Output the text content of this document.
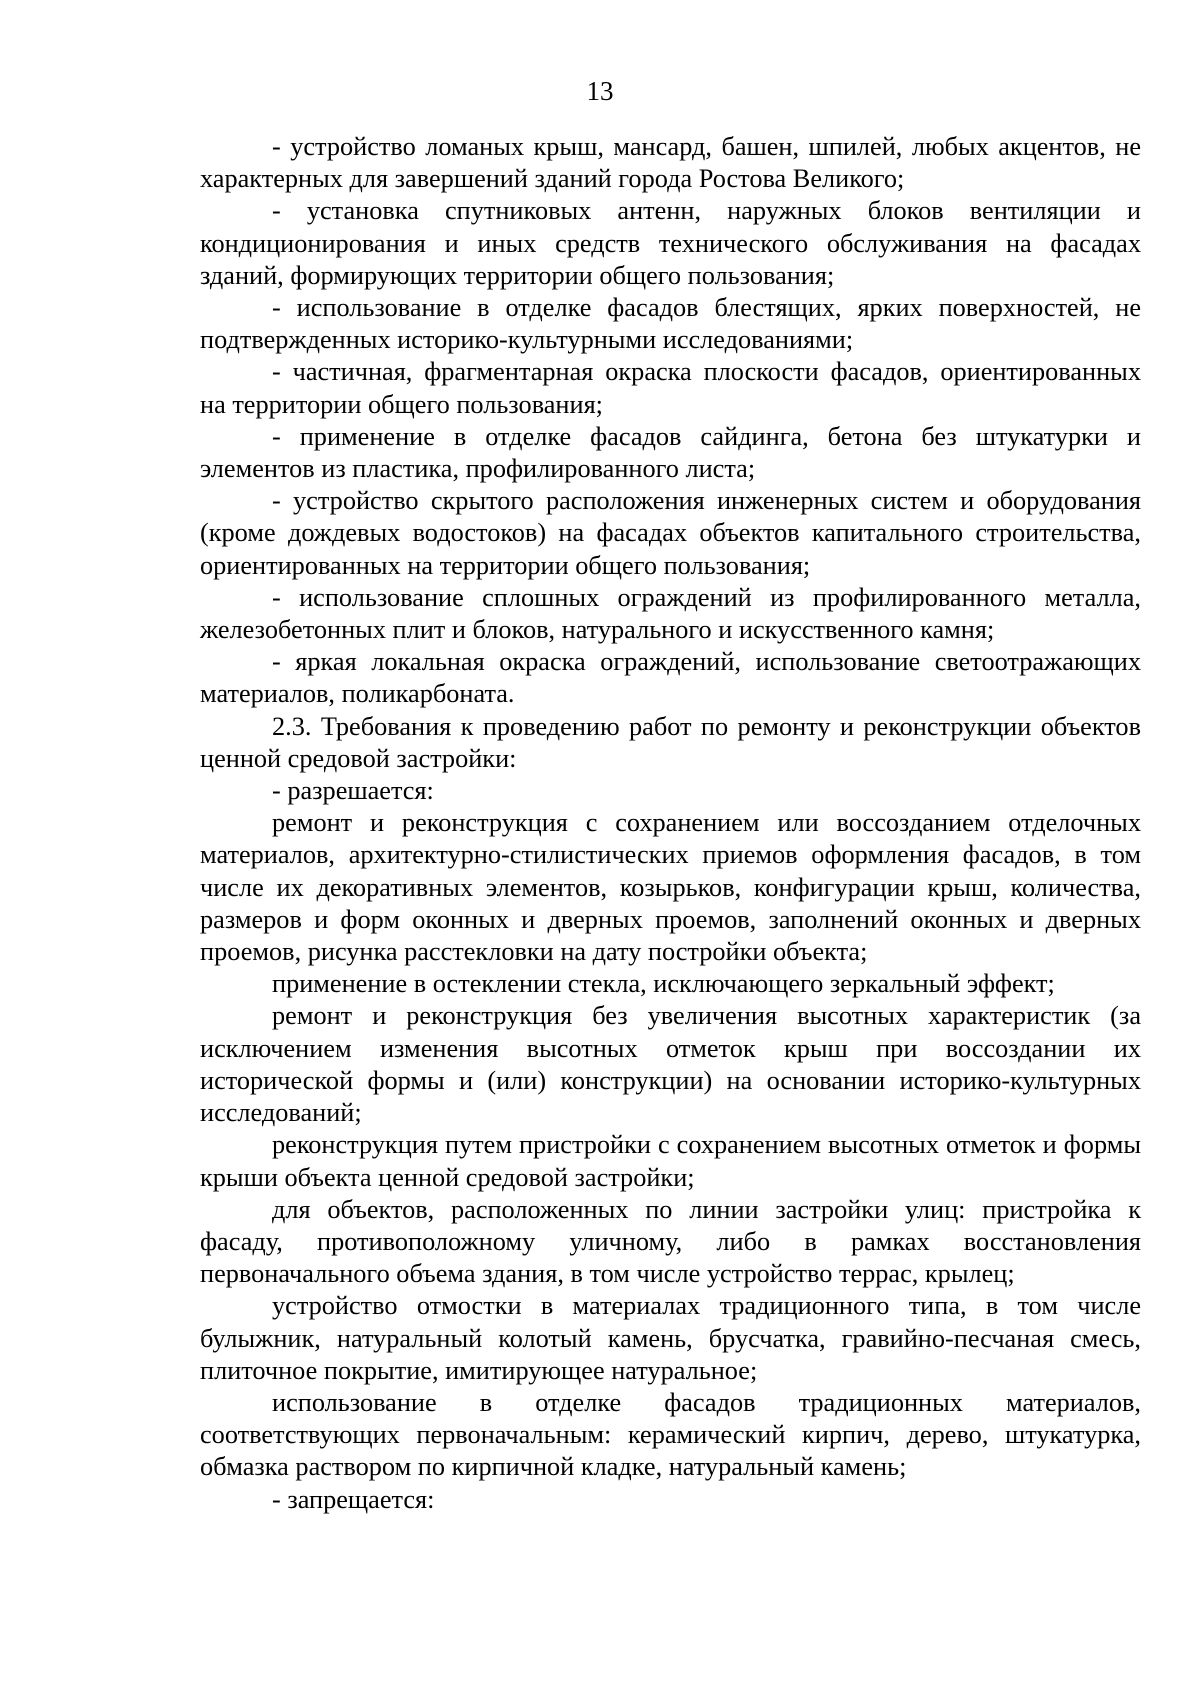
13

- устройство ломаных крыш, мансард, башен, шпилей, любых акцентов, не характерных для завершений зданий города Ростова Великого;

- установка спутниковых антенн, наружных блоков вентиляции и кондиционирования и иных средств технического обслуживания на фасадах зданий, формирующих территории общего пользования;

- использование в отделке фасадов блестящих, ярких поверхностей, не подтвержденных историко-культурными исследованиями;

- частичная, фрагментарная окраска плоскости фасадов, ориентированных на территории общего пользования;

- применение в отделке фасадов сайдинга, бетона без штукатурки и элементов из пластика, профилированного листа;

- устройство скрытого расположения инженерных систем и оборудования (кроме дождевых водостоков) на фасадах объектов капитального строительства, ориентированных на территории общего пользования;

- использование сплошных ограждений из профилированного металла, железобетонных плит и блоков, натурального и искусственного камня;

- яркая локальная окраска ограждений, использование светоотражающих материалов, поликарбоната.

2.3. Требования к проведению работ по ремонту и реконструкции объектов ценной средовой застройки:

- разрешается:

ремонт и реконструкция с сохранением или воссозданием отделочных материалов, архитектурно-стилистических приемов оформления фасадов, в том числе их декоративных элементов, козырьков, конфигурации крыш, количества, размеров и форм оконных и дверных проемов, заполнений оконных и дверных проемов, рисунка расстекловки на дату постройки объекта;

применение в остеклении стекла, исключающего зеркальный эффект;

ремонт и реконструкция без увеличения высотных характеристик (за исключением изменения высотных отметок крыш при воссоздании их исторической формы и (или) конструкции) на основании историко-культурных исследований;

реконструкция путем пристройки с сохранением высотных отметок и формы крыши объекта ценной средовой застройки;

для объектов, расположенных по линии застройки улиц: пристройка к фасаду, противоположному уличному, либо в рамках восстановления первоначального объема здания, в том числе устройство террас, крылец;

устройство отмостки в материалах традиционного типа, в том числе булыжник, натуральный колотый камень, брусчатка, гравийно-песчаная смесь, плиточное покрытие, имитирующее натуральное;

использование в отделке фасадов традиционных материалов, соответствующих первоначальным: керамический кирпич, дерево, штукатурка, обмазка раствором по кирпичной кладке, натуральный камень;

- запрещается:
